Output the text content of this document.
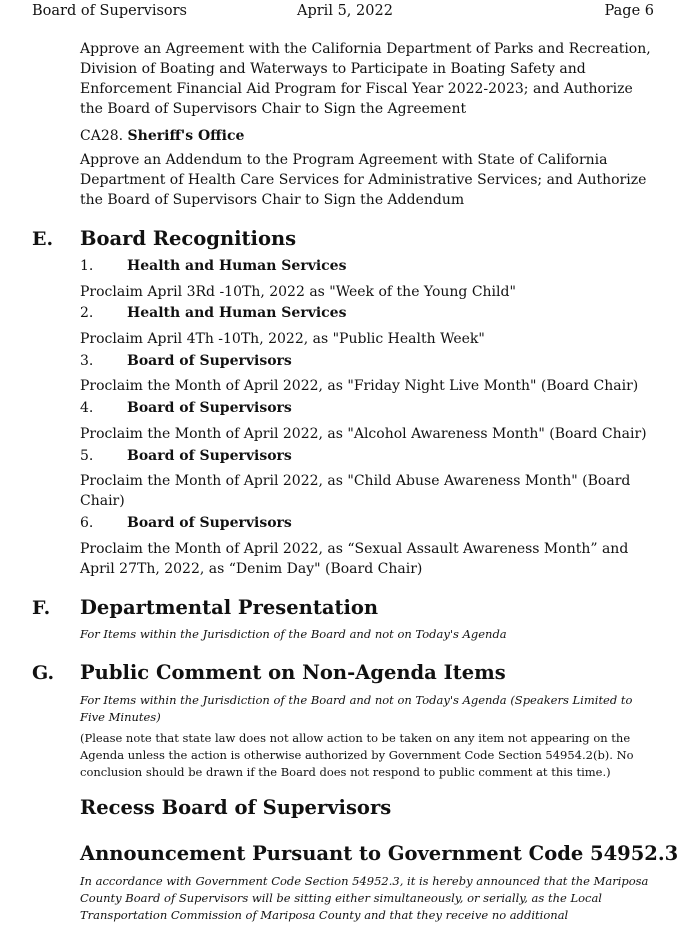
Board of Supervisors	April 5, 2022	Page 6
Approve an Agreement with the California Department of Parks and Recreation, Division of Boating and Waterways to Participate in Boating Safety and Enforcement Financial Aid Program for Fiscal Year 2022-2023; and Authorize the Board of Supervisors Chair to Sign the Agreement
CA28. Sheriff's Office
Approve an Addendum to the Program Agreement with State of California Department of Health Care Services for Administrative Services; and Authorize the Board of Supervisors Chair to Sign the Addendum
E. Board Recognitions
1. Health and Human Services
Proclaim April 3Rd -10Th, 2022 as "Week of the Young Child"
2. Health and Human Services
Proclaim April 4Th -10Th, 2022, as "Public Health Week"
3. Board of Supervisors
Proclaim the Month of April 2022, as "Friday Night Live Month" (Board Chair)
4. Board of Supervisors
Proclaim the Month of April 2022, as "Alcohol Awareness Month" (Board Chair)
5. Board of Supervisors
Proclaim the Month of April 2022, as "Child Abuse Awareness Month" (Board Chair)
6. Board of Supervisors
Proclaim the Month of April 2022, as “Sexual Assault Awareness Month” and April 27Th, 2022, as “Denim Day" (Board Chair)
F. Departmental Presentation
For Items within the Jurisdiction of the Board and not on Today's Agenda
G. Public Comment on Non-Agenda Items
For Items within the Jurisdiction of the Board and not on Today's Agenda (Speakers Limited to Five Minutes)
(Please note that state law does not allow action to be taken on any item not appearing on the Agenda unless the action is otherwise authorized by Government Code Section 54954.2(b). No conclusion should be drawn if the Board does not respond to public comment at this time.)
Recess Board of Supervisors
Announcement Pursuant to Government Code 54952.3
In accordance with Government Code Section 54952.3, it is hereby announced that the Mariposa County Board of Supervisors will be sitting either simultaneously, or serially, as the Local Transportation Commission of Mariposa County and that they receive no additional
